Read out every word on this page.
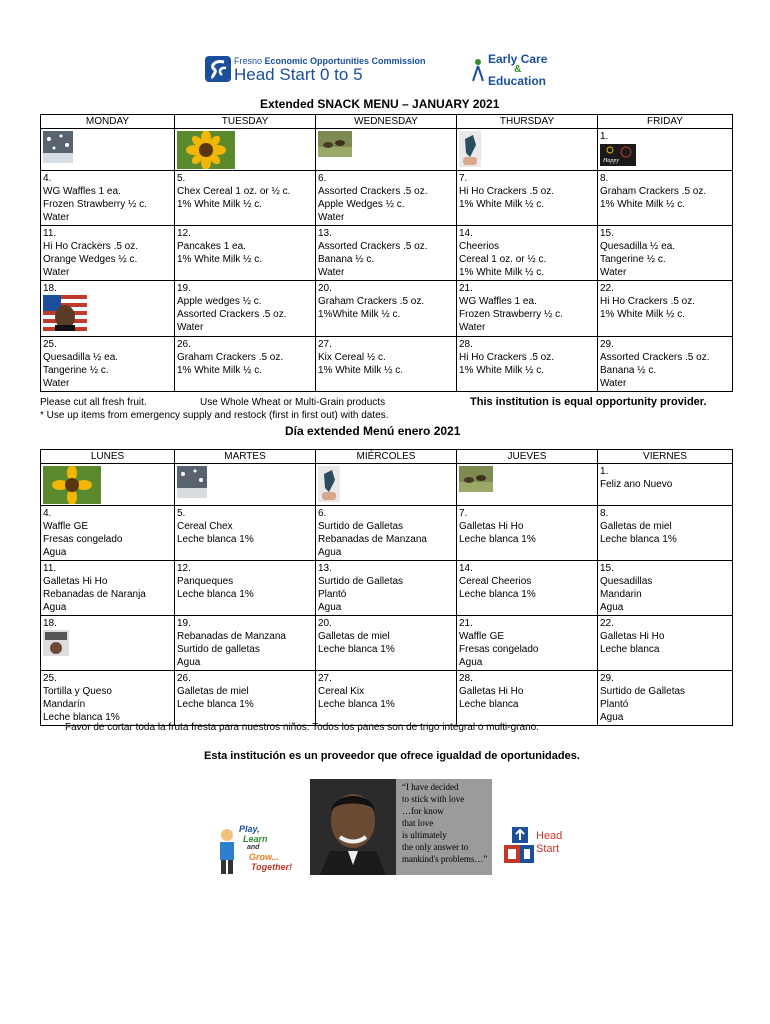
Fresno Economic Opportunities Commission
Head Start 0 to 5
Early Care
&
Education
Extended SNACK MENU – JANUARY 2021
MONDAY	TUESDAY	WEDNESDAY	THURSDAY	FRIDAY

1.
Happy

4.
WG Waffles 1 ea.
Frozen Strawberry ½ c.
Water	5.
Chex Cereal 1 oz. or ½ c.
1% White Milk ½ c.	6.
Assorted Crackers .5 oz.
Apple Wedges ½ c.
Water	7.
Hi Ho Crackers .5 oz.
1% White Milk ½ c.	8.
Graham Crackers .5 oz.
1% White Milk ½ c.

11.
Hi Ho Crackers .5 oz.
Orange Wedges ½ c.
Water	12.
Pancakes 1 ea.
1% White Milk ½ c.	13.
Assorted Crackers .5 oz.
Banana ½ c.
Water	14.
Cheerios
Cereal 1 oz. or ½ c.
1% White Milk ½ c.	15.
Quesadilla ½ ea.
Tangerine ½ c.
Water

18.	19.
Apple wedges ½ c.
Assorted Crackers .5 oz.
Water	20.
Graham Crackers .5 oz.
1%White Milk ½ c.	21.
WG Waffles 1 ea.
Frozen Strawberry ½ c.
Water	22.
Hi Ho Crackers .5 oz.
1% White Milk ½ c.

25.
Quesadilla ½ ea.
Tangerine ½ c.
Water	26.
Graham Crackers .5 oz.
1% White Milk ½ c.	27.
Kix Cereal ½ c.
1% White Milk ½ c.	28.
Hi Ho Crackers .5 oz.
1% White Milk ½ c.	29.
Assorted Crackers .5 oz.
Banana ½ c.
Water
Please cut all fresh fruit.	Use Whole Wheat or Multi-Grain products	This institution is equal opportunity provider.
* Use up items from emergency supply and restock (first in first out) with dates.
Día extended Menú enero 2021
LUNES	MARTES	MIÉRCOLES	JUEVES	VIERNES

1.
Feliz ano Nuevo

4.
Waffle GE
Fresas congelado
Agua	5.
Cereal Chex
Leche blanca 1%	6.
Surtido de Galletas
Rebanadas de Manzana
Agua	7.
Galletas Hi Ho
Leche blanca 1%	8.
Galletas de miel
Leche blanca 1%

11.
Galletas Hi Ho
Rebanadas de Naranja
Agua	12.
Panqueques
Leche blanca 1%	13.
Surtido de Galletas
Plantó
Agua	14.
Cereal Cheerios
Leche blanca 1%	15.
Quesadillas
Mandarin
Agua

18.	19.
Rebanadas de Manzana
Surtido de galletas
Agua	20.
Galletas de miel
Leche blanca 1%	21.
Waffle GE
Fresas congelado
Agua	22.
Galletas Hi Ho
Leche blanca

25.
Tortilla y Queso
Mandarín
Leche blanca 1%	26.
Galletas de miel
Leche blanca 1%	27.
Cereal Kix
Leche blanca 1%	28.
Galletas Hi Ho
Leche blanca	29.
Surtido de Galletas
Plantó
Agua
Favor de cortar toda la fruta fresta para nuestros niños. Todos los panes son de trigo integral o multi-grano.
Esta institución es un proveedor que ofrece igualdad de oportunidades.
Play,
Learn
and
Grow...
Together!
“I have decided
to stick with love
…for know
that love
is ultimately
the only answer to
mankind's problems…”
Head
Start
